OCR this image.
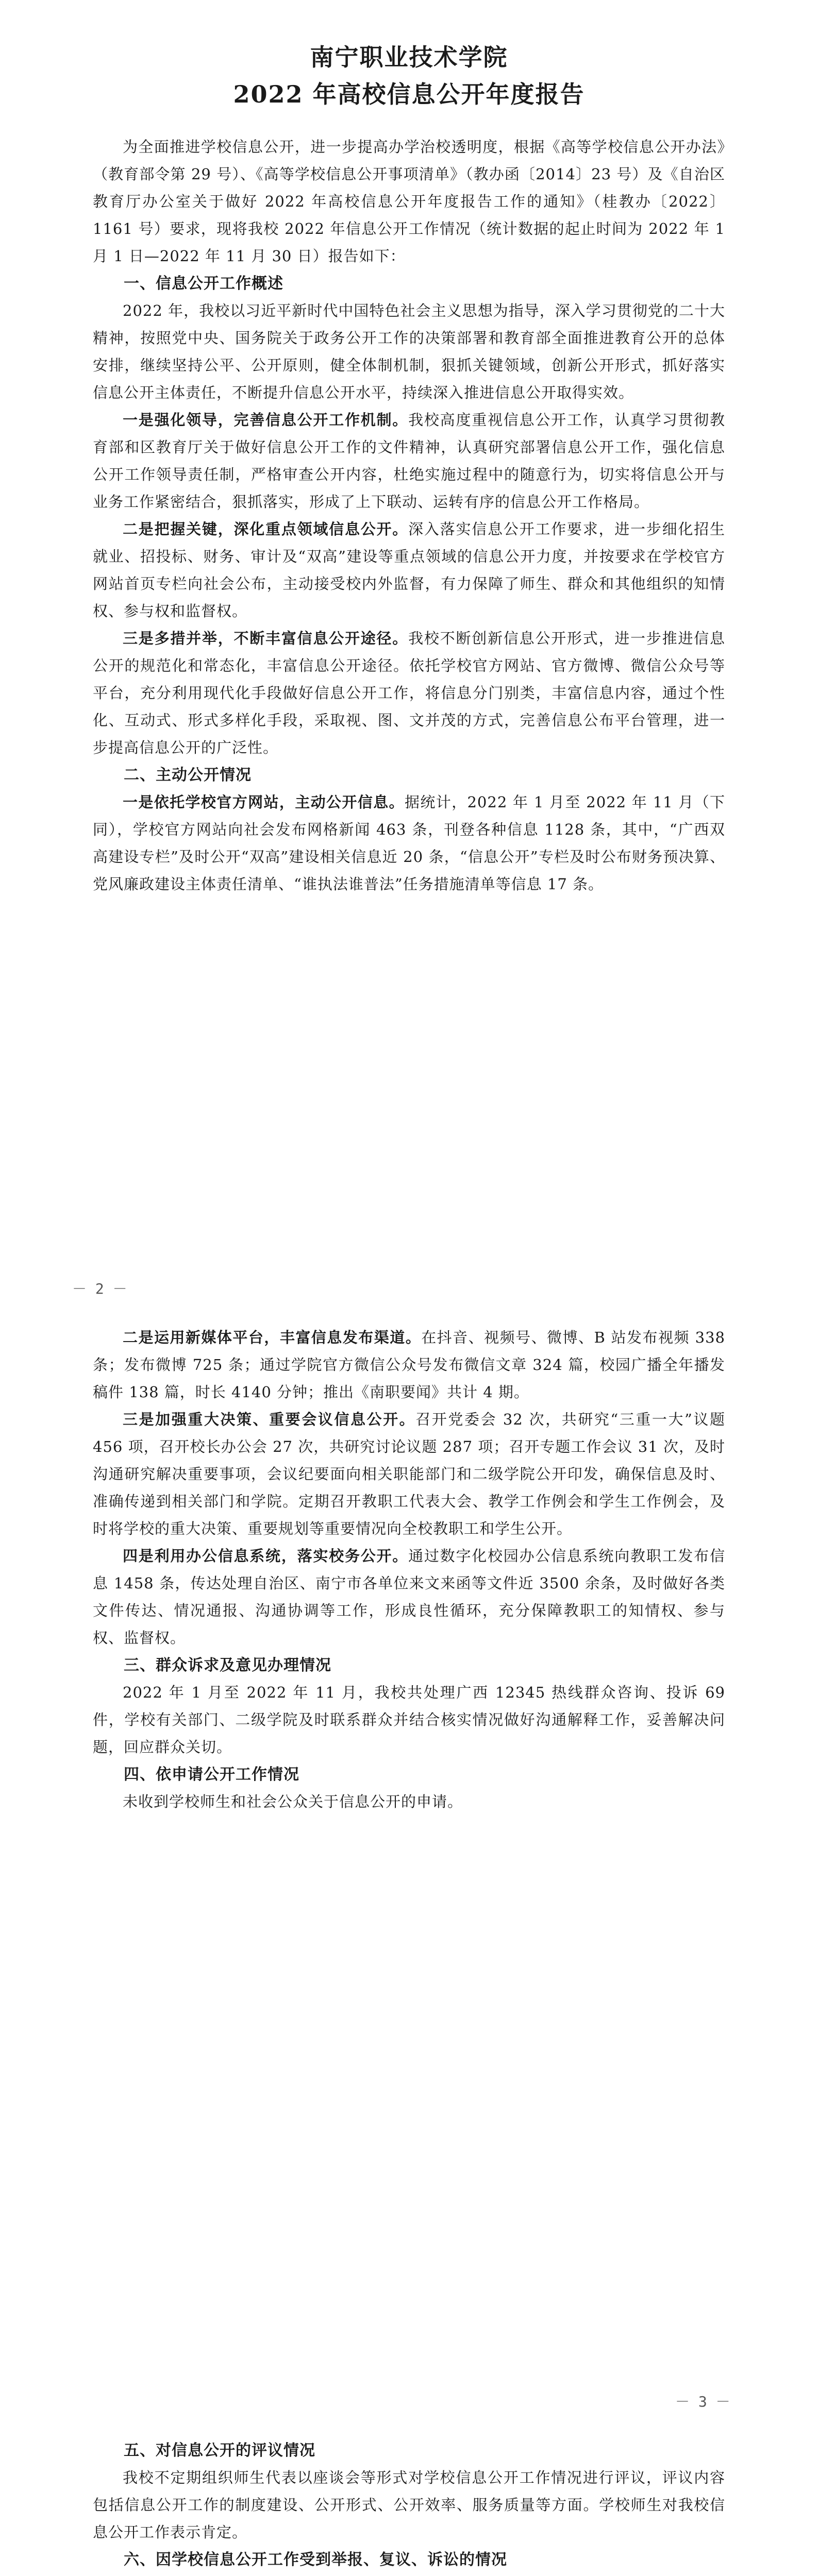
南宁职业技术学院

2022 年高校信息公开年度报告

为全面推进学校信息公开，进一步提高办学治校透明度，根据《高等学校信息公开办法》（教育部令第 29 号）、《高等学校信息公开事项清单》（教办函〔2014〕23 号）及《自治区教育厅办公室关于做好 2022 年高校信息公开年度报告工作的通知》（桂教办〔2022〕1161 号）要求，现将我校 2022 年信息公开工作情况（统计数据的起止时间为 2022 年 1 月 1 日—2022 年 11 月 30 日）报告如下：

一、信息公开工作概述

2022 年，我校以习近平新时代中国特色社会主义思想为指导，深入学习贯彻党的二十大精神，按照党中央、国务院关于政务公开工作的决策部署和教育部全面推进教育公开的总体安排，继续坚持公平、公开原则，健全体制机制，狠抓关键领域，创新公开形式，抓好落实信息公开主体责任，不断提升信息公开水平，持续深入推进信息公开取得实效。

一是强化领导，完善信息公开工作机制。我校高度重视信息公开工作，认真学习贯彻教育部和区教育厅关于做好信息公开工作的文件精神，认真研究部署信息公开工作，强化信息公开工作领导责任制，严格审查公开内容，杜绝实施过程中的随意行为，切实将信息公开与业务工作紧密结合，狠抓落实，形成了上下联动、运转有序的信息公开工作格局。

二是把握关键，深化重点领域信息公开。深入落实信息公开工作要求，进一步细化招生就业、招投标、财务、审计及“双高”建设等重点领域的信息公开力度，并按要求在学校官方网站首页专栏向社会公布，主动接受校内外监督，有力保障了师生、群众和其他组织的知情权、参与权和监督权。

三是多措并举，不断丰富信息公开途径。我校不断创新信息公开形式，进一步推进信息公开的规范化和常态化，丰富信息公开途径。依托学校官方网站、官方微博、微信公众号等平台，充分利用现代化手段做好信息公开工作，将信息分门别类，丰富信息内容，通过个性化、互动式、形式多样化手段，采取视、图、文并茂的方式，完善信息公布平台管理，进一步提高信息公开的广泛性。

二、主动公开情况

一是依托学校官方网站，主动公开信息。据统计，2022 年 1 月至 2022 年 11 月（下同），学校官方网站向社会发布网格新闻 463 条，刊登各种信息 1128 条，其中，“广西双高建设专栏”及时公开“双高”建设相关信息近 20 条，“信息公开”专栏及时公布财务预决算、党风廉政建设主体责任清单、“谁执法谁普法”任务措施清单等信息 17 条。

－ 2 －

二是运用新媒体平台，丰富信息发布渠道。在抖音、视频号、微博、B 站发布视频 338 条；发布微博 725 条；通过学院官方微信公众号发布微信文章 324 篇，校园广播全年播发稿件 138 篇，时长 4140 分钟；推出《南职要闻》共计 4 期。

三是加强重大决策、重要会议信息公开。召开党委会 32 次，共研究“三重一大”议题 456 项，召开校长办公会 27 次，共研究讨论议题 287 项；召开专题工作会议 31 次，及时沟通研究解决重要事项，会议纪要面向相关职能部门和二级学院公开印发，确保信息及时、准确传递到相关部门和学院。定期召开教职工代表大会、教学工作例会和学生工作例会，及时将学校的重大决策、重要规划等重要情况向全校教职工和学生公开。

四是利用办公信息系统，落实校务公开。通过数字化校园办公信息系统向教职工发布信息 1458 条，传达处理自治区、南宁市各单位来文来函等文件近 3500 余条，及时做好各类文件传达、情况通报、沟通协调等工作，形成良性循环，充分保障教职工的知情权、参与权、监督权。

三、群众诉求及意见办理情况

2022 年 1 月至 2022 年 11 月，我校共处理广西 12345 热线群众咨询、投诉 69 件，学校有关部门、二级学院及时联系群众并结合核实情况做好沟通解释工作，妥善解决问题，回应群众关切。

四、依申请公开工作情况

未收到学校师生和社会公众关于信息公开的申请。

－ 3 －

五、对信息公开的评议情况

我校不定期组织师生代表以座谈会等形式对学校信息公开工作情况进行评议，评议内容包括信息公开工作的制度建设、公开形式、公开效率、服务质量等方面。学校师生对我校信息公开工作表示肯定。

六、因学校信息公开工作受到举报、复议、诉讼的情况
